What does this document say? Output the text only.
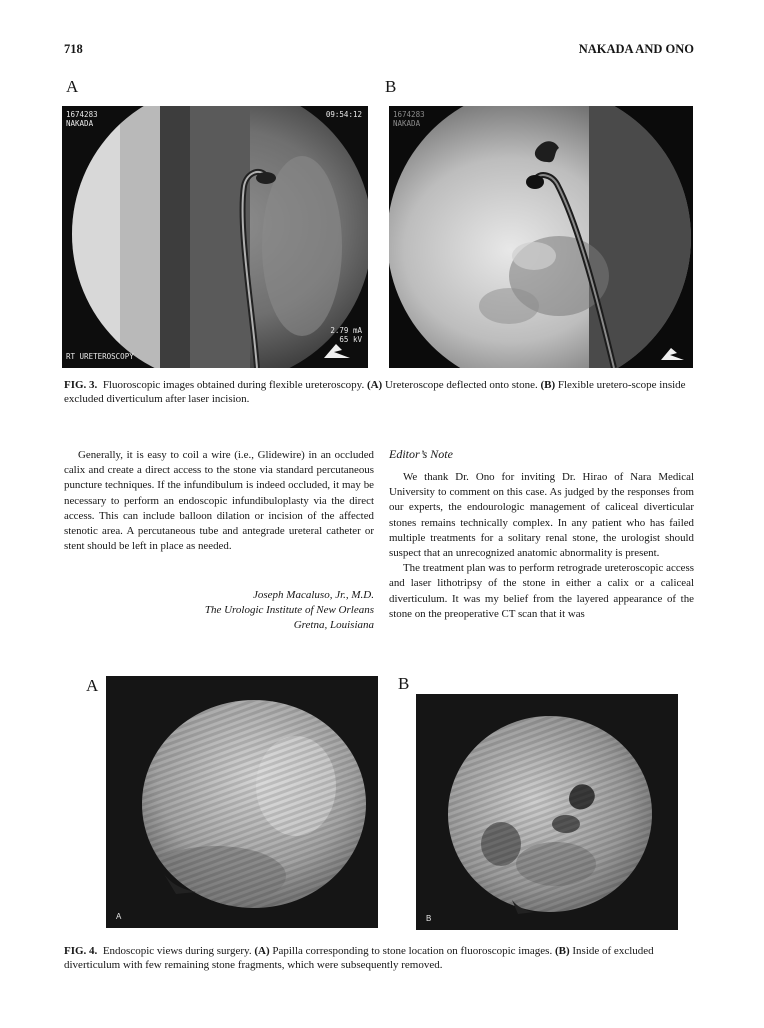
718	NAKADA AND ONO
A	B
1674283
NAKADA
09:54:12
2.79 mA
65 kV
RT URETEROSCOPY
1674283
NAKADA
FIG. 3. Fluoroscopic images obtained during flexible ureteroscopy. (A) Ureteroscope deflected onto stone. (B) Flexible uretero-scope inside excluded diverticulum after laser incision.

Generally, it is easy to coil a wire (i.e., Glidewire) in an occluded calix and create a direct access to the stone via standard percutaneous puncture techniques. If the infundibulum is indeed occluded, it may be necessary to perform an endoscopic infundibuloplasty via the direct access. This can include balloon dilation or incision of the affected stenotic area. A percutaneous tube and antegrade ureteral catheter or stent should be left in place as needed.

Joseph Macaluso, Jr., M.D.
The Urologic Institute of New Orleans
Gretna, Louisiana
Editor’s Note

We thank Dr. Ono for inviting Dr. Hirao of Nara Medical University to comment on this case. As judged by the responses from our experts, the endourologic management of caliceal diverticular stones remains technically complex. In any patient who has failed multiple treatments for a solitary renal stone, the urologist should suspect that an unrecognized anatomic abnormality is present.

The treatment plan was to perform retrograde ureteroscopic access and laser lithotripsy of the stone in either a calix or a caliceal diverticulum. It was my belief from the layered appearance of the stone on the preoperative CT scan that it was

A	B
A	B
FIG. 4. Endoscopic views during surgery. (A) Papilla corresponding to stone location on fluoroscopic images. (B) Inside of excluded diverticulum with few remaining stone fragments, which were subsequently removed.
